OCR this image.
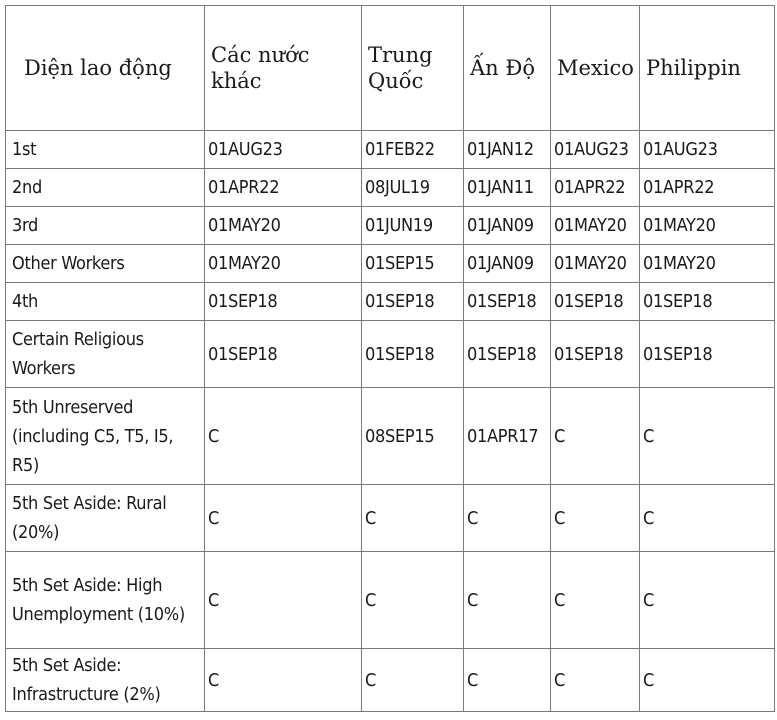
Diện lao động	Các nước khác	Trung Quốc	Ấn Độ	Mexico	Philippin
1st	01AUG23	01FEB22	01JAN12	01AUG23	01AUG23
2nd	01APR22	08JUL19	01JAN11	01APR22	01APR22
3rd	01MAY20	01JUN19	01JAN09	01MAY20	01MAY20
Other Workers	01MAY20	01SEP15	01JAN09	01MAY20	01MAY20
4th	01SEP18	01SEP18	01SEP18	01SEP18	01SEP18
Certain Religious Workers	01SEP18	01SEP18	01SEP18	01SEP18	01SEP18
5th Unreserved (including C5, T5, I5, R5)	C	08SEP15	01APR17	C	C
5th Set Aside: Rural (20%)	C	C	C	C	C
5th Set Aside: High Unemployment (10%)	C	C	C	C	C
5th Set Aside: Infrastructure (2%)	C	C	C	C	C
